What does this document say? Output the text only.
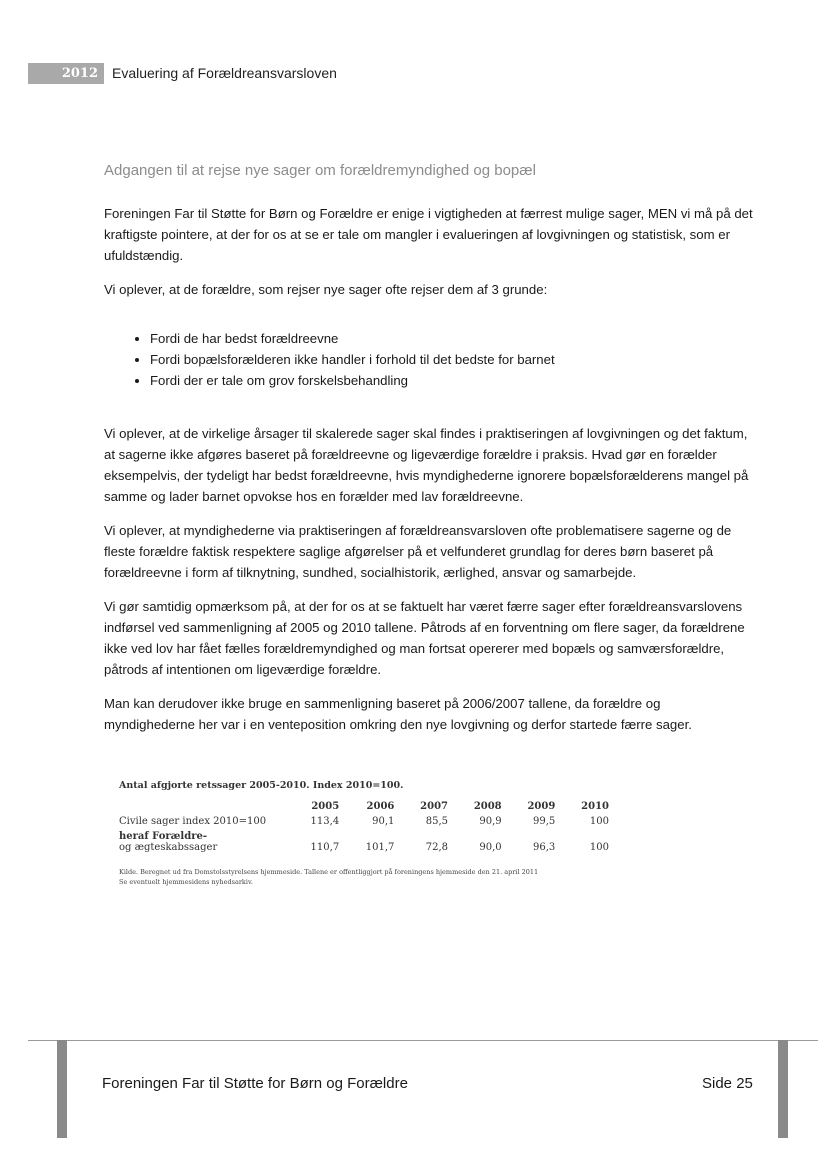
2012	Evaluering af Forældreansvarsloven
Adgangen til at rejse nye sager om forældremyndighed og bopæl

Foreningen Far til Støtte for Børn og Forældre er enige i vigtigheden at færrest mulige sager, MEN vi må på det kraftigste pointere, at der for os at se er tale om mangler i evalueringen af lovgivningen og statistisk, som er ufuldstændig.

Vi oplever, at de forældre, som rejser nye sager ofte rejser dem af 3 grunde:

• Fordi de har bedst forældreevne
• Fordi bopælsforælderen ikke handler i forhold til det bedste for barnet
• Fordi der er tale om grov forskelsbehandling

Vi oplever, at de virkelige årsager til skalerede sager skal findes i praktiseringen af lovgivningen og det faktum, at sagerne ikke afgøres baseret på forældreevne og ligeværdige forældre i praksis. Hvad gør en forælder eksempelvis, der tydeligt har bedst forældreevne, hvis myndighederne ignorere bopælsforælderens mangel på samme og lader barnet opvokse hos en forælder med lav forældreevne.

Vi oplever, at myndighederne via praktiseringen af forældreansvarsloven ofte problematisere sagerne og de fleste forældre faktisk respektere saglige afgørelser på et velfunderet grundlag for deres børn baseret på forældreevne i form af tilknytning, sundhed, socialhistorik, ærlighed, ansvar og samarbejde.

Vi gør samtidig opmærksom på, at der for os at se faktuelt har været færre sager efter forældreansvarslovens indførsel ved sammenligning af 2005 og 2010 tallene. Påtrods af en forventning om flere sager, da forældrene ikke ved lov har fået fælles forældremyndighed og man fortsat opererer med bopæls og samværsforældre, påtrods af intentionen om ligeværdige forældre.

Man kan derudover ikke bruge en sammenligning baseret på 2006/2007 tallene, da forældre og myndighederne her var i en venteposition omkring den nye lovgivning og derfor startede færre sager.

Antal afgjorte retssager 2005-2010. Index 2010=100.
	2005	2006	2007	2008	2009	2010
Civile sager index 2010=100	113,4	90,1	85,5	90,9	99,5	100

heraf Forældre-
og ægteskabssager	110,7	101,7	72,8	90,0	96,3	100
Kilde. Beregnet ud fra Domstolsstyrelsens hjemmeside. Tallene er offentliggjort på foreningens hjemmeside den 21. april 2011
Se eventuelt hjemmesidens nyhedsarkiv.
Foreningen Far til Støtte for Børn og Forældre	Side 25
